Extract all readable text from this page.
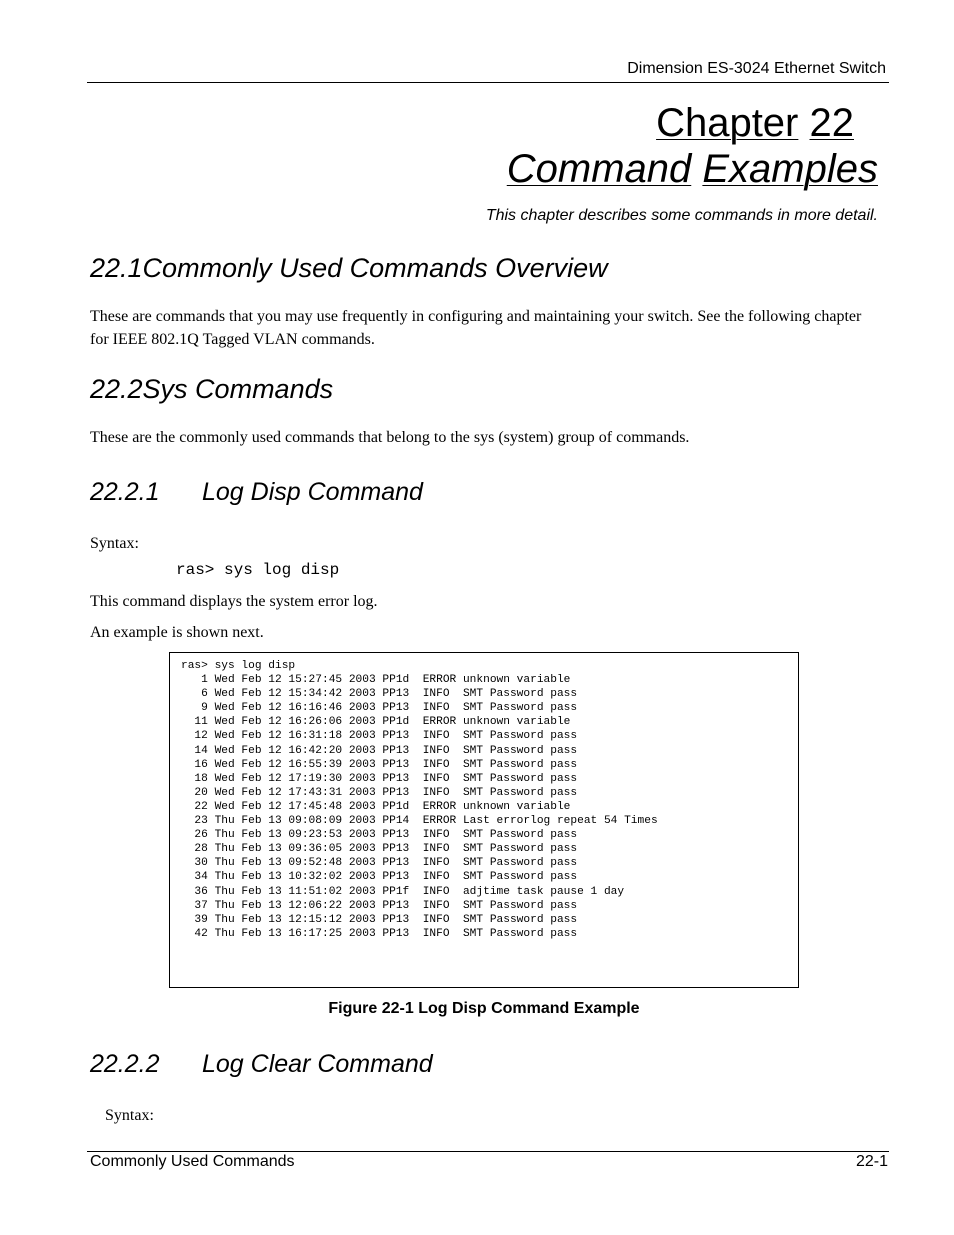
Dimension ES-3024 Ethernet Switch
Chapter 22
Command Examples
This chapter describes some commands in more detail.
22.1Commonly Used Commands Overview

These are commands that you may use frequently in configuring and maintaining your switch. See the following chapter for IEEE 802.1Q Tagged VLAN commands.

22.2Sys Commands

These are the commonly used commands that belong to the sys (system) group of commands.

22.2.1 Log Disp Command

Syntax:

ras> sys log disp

This command displays the system error log.

An example is shown next.

ras> sys log disp
1 Wed Feb 12 15:27:45 2003 PP1d  ERROR unknown variable
6 Wed Feb 12 15:34:42 2003 PP13  INFO  SMT Password pass
9 Wed Feb 12 16:16:46 2003 PP13  INFO  SMT Password pass
11 Wed Feb 12 16:26:06 2003 PP1d  ERROR unknown variable
12 Wed Feb 12 16:31:18 2003 PP13  INFO  SMT Password pass
14 Wed Feb 12 16:42:20 2003 PP13  INFO  SMT Password pass
16 Wed Feb 12 16:55:39 2003 PP13  INFO  SMT Password pass
18 Wed Feb 12 17:19:30 2003 PP13  INFO  SMT Password pass
20 Wed Feb 12 17:43:31 2003 PP13  INFO  SMT Password pass
22 Wed Feb 12 17:45:48 2003 PP1d  ERROR unknown variable
23 Thu Feb 13 09:08:09 2003 PP14  ERROR Last errorlog repeat 54 Times
26 Thu Feb 13 09:23:53 2003 PP13  INFO  SMT Password pass
28 Thu Feb 13 09:36:05 2003 PP13  INFO  SMT Password pass
30 Thu Feb 13 09:52:48 2003 PP13  INFO  SMT Password pass
34 Thu Feb 13 10:32:02 2003 PP13  INFO  SMT Password pass
36 Thu Feb 13 11:51:02 2003 PP1f  INFO  adjtime task pause 1 day
37 Thu Feb 13 12:06:22 2003 PP13  INFO  SMT Password pass
39 Thu Feb 13 12:15:12 2003 PP13  INFO  SMT Password pass
42 Thu Feb 13 16:17:25 2003 PP13  INFO  SMT Password pass
Figure 22-1 Log Disp Command Example
22.2.2 Log Clear Command

Syntax:

Commonly Used Commands	22-1
